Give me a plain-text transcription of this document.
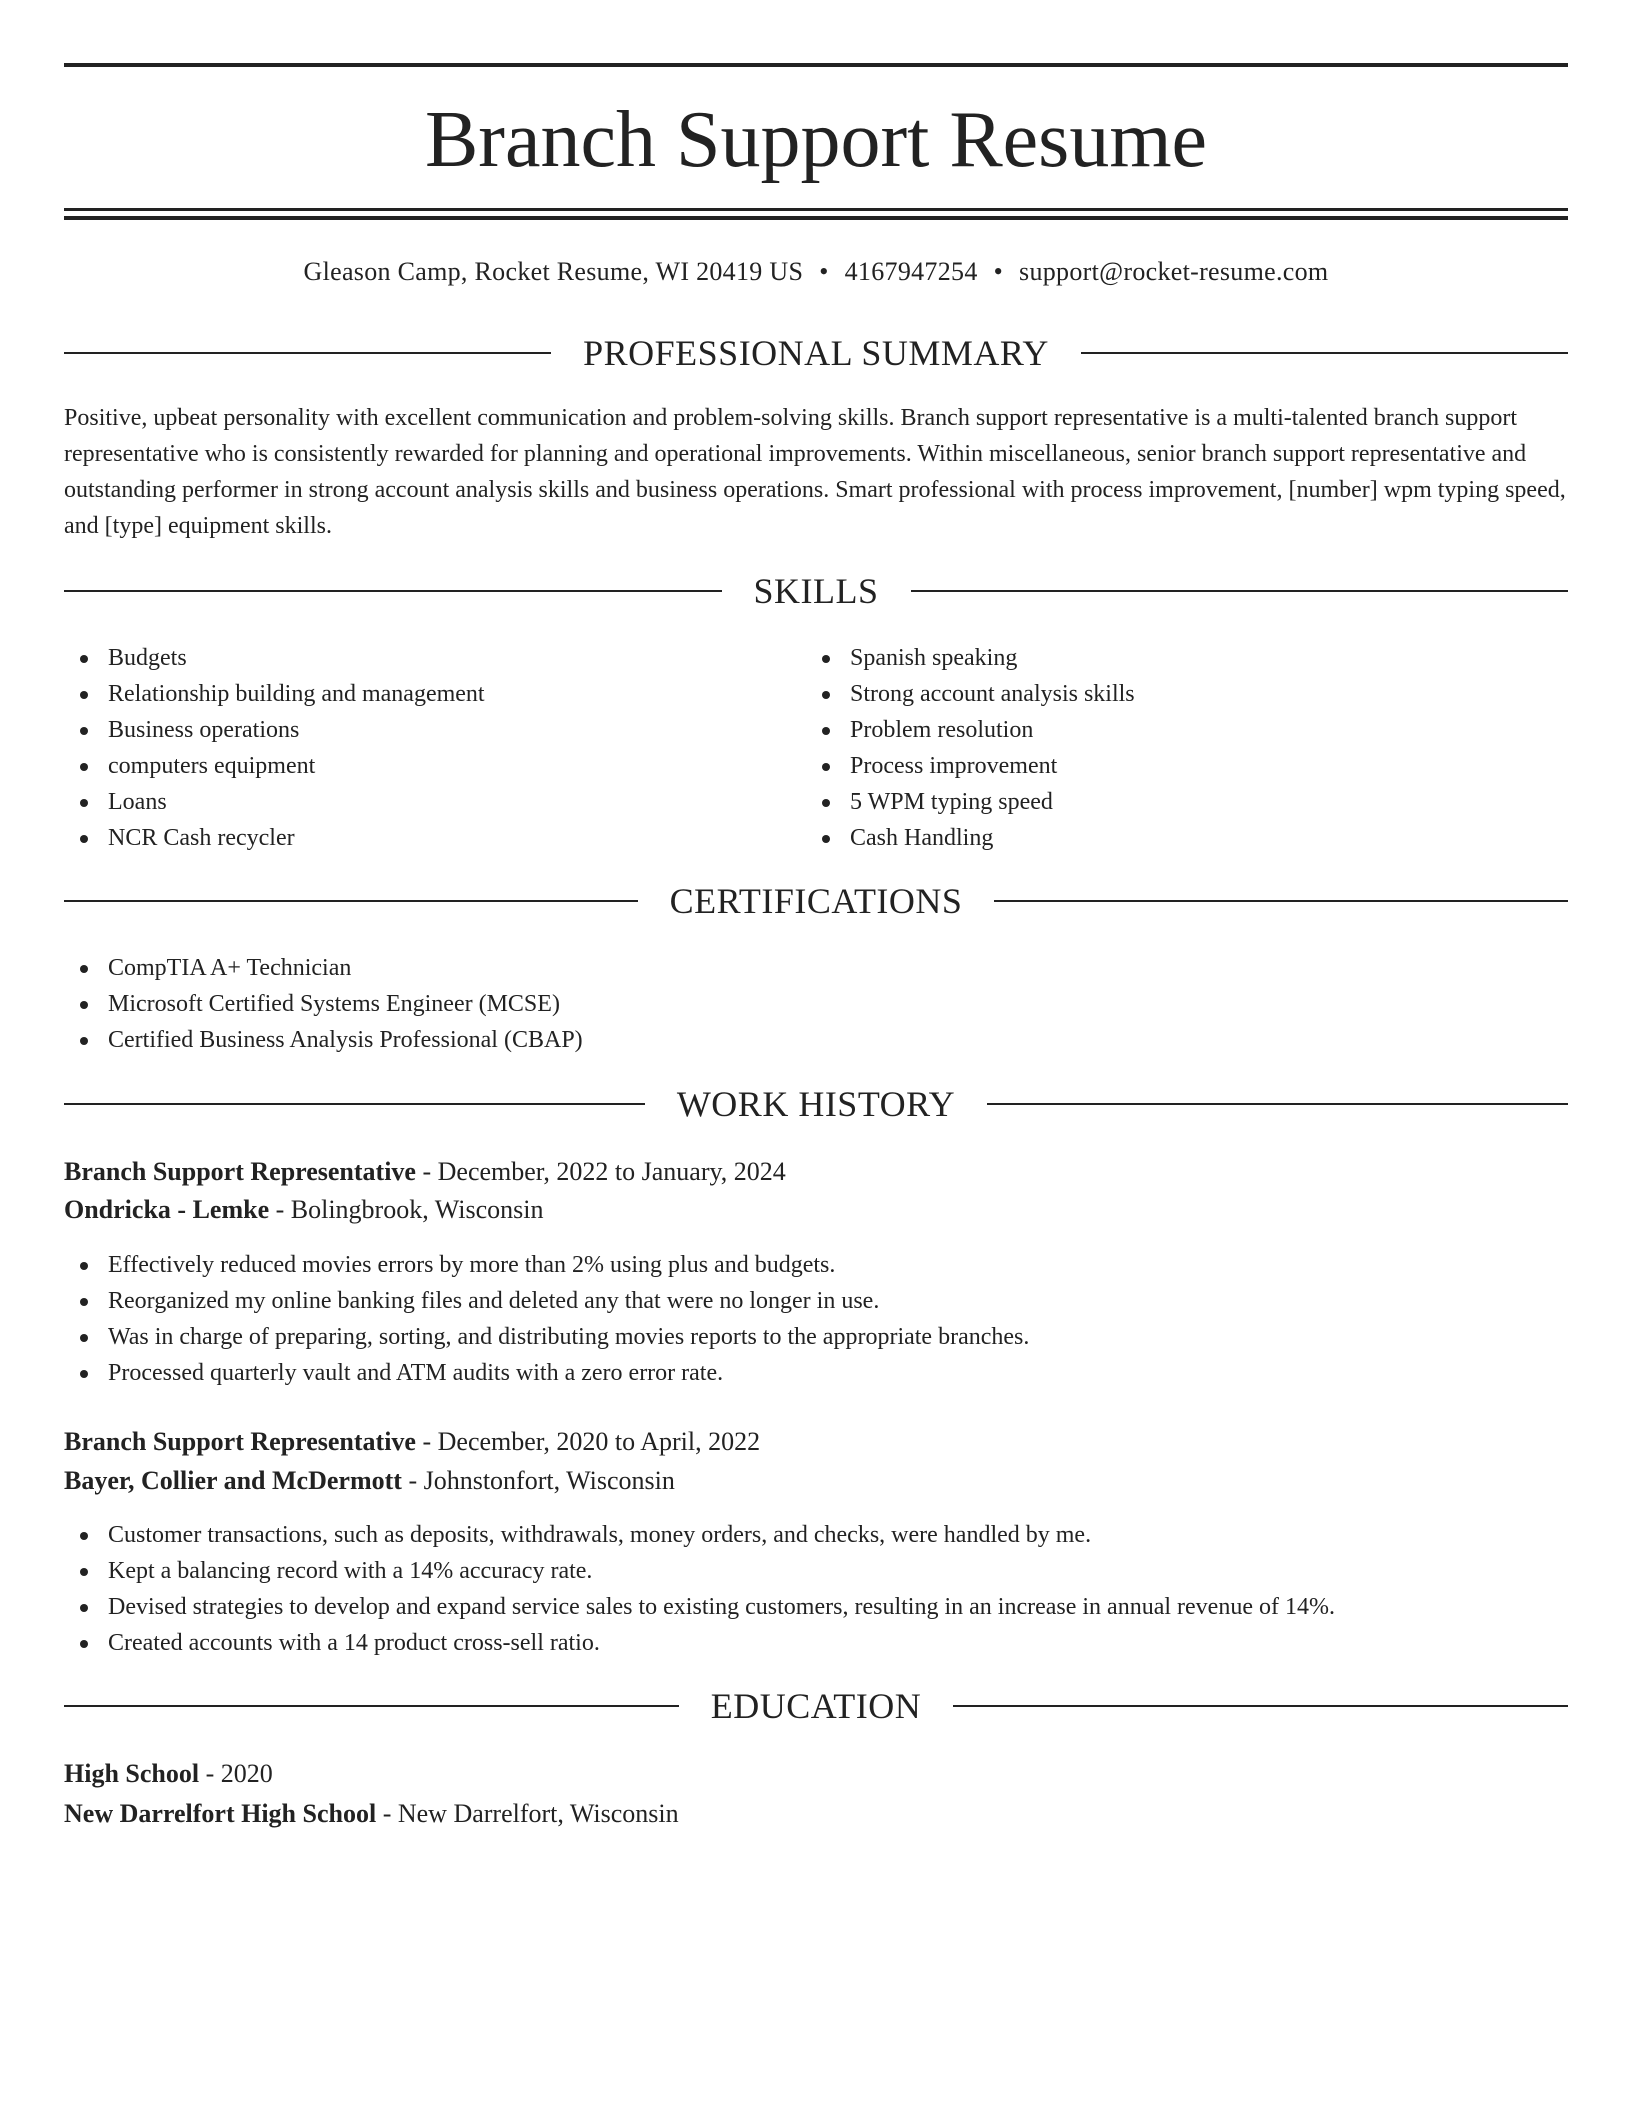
Branch Support Resume
Gleason Camp, Rocket Resume, WI 20419 US • 4167947254 • support@rocket-resume.com
PROFESSIONAL SUMMARY

Positive, upbeat personality with excellent communication and problem-solving skills. Branch support representative is a multi-talented branch support representative who is consistently rewarded for planning and operational improvements. Within miscellaneous, senior branch support representative and outstanding performer in strong account analysis skills and business operations. Smart professional with process improvement, [number] wpm typing speed, and [type] equipment skills.

SKILLS
Budgets
Relationship building and management
Business operations
computers equipment
Loans
NCR Cash recycler
Spanish speaking
Strong account analysis skills
Problem resolution
Process improvement
5 WPM typing speed
Cash Handling
CERTIFICATIONS
CompTIA A+ Technician
Microsoft Certified Systems Engineer (MCSE)
Certified Business Analysis Professional (CBAP)
WORK HISTORY
Branch Support Representative - December, 2022 to January, 2024
Ondricka - Lemke - Bolingbrook, Wisconsin
Effectively reduced movies errors by more than 2% using plus and budgets.
Reorganized my online banking files and deleted any that were no longer in use.
Was in charge of preparing, sorting, and distributing movies reports to the appropriate branches.
Processed quarterly vault and ATM audits with a zero error rate.
Branch Support Representative - December, 2020 to April, 2022
Bayer, Collier and McDermott - Johnstonfort, Wisconsin
Customer transactions, such as deposits, withdrawals, money orders, and checks, were handled by me.
Kept a balancing record with a 14% accuracy rate.
Devised strategies to develop and expand service sales to existing customers, resulting in an increase in annual revenue of 14%.
Created accounts with a 14 product cross-sell ratio.
EDUCATION
High School - 2020
New Darrelfort High School - New Darrelfort, Wisconsin
